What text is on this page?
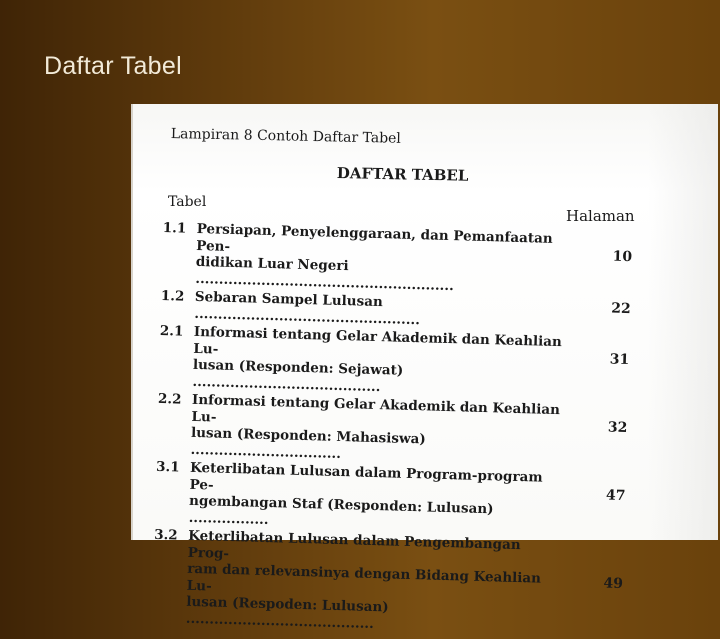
Daftar Tabel
Lampiran 8 Contoh Daftar Tabel
DAFTAR TABEL
Tabel
Halaman
1.1 Persiapan, Penyelenggaraan, dan Pemanfaatan Pen-
didikan Luar Negeri .......................................................
10
1.2 Sebaran Sampel Lulusan ................................................	22
2.1 Informasi tentang Gelar Akademik dan Keahlian Lu-
lusan (Responden: Sejawat) ........................................
31
2.2 Informasi tentang Gelar Akademik dan Keahlian Lu-
lusan (Responden: Mahasiswa) ................................
32
3.1 Keterlibatan Lulusan dalam Program-program Pe-
ngembangan Staf (Responden: Lulusan) .................
47
3.2 Keterlibatan Lulusan dalam Pengembangan Prog-
ram dan relevansinya dengan Bidang Keahlian Lu-
lusan (Respoden: Lulusan) ........................................
49
